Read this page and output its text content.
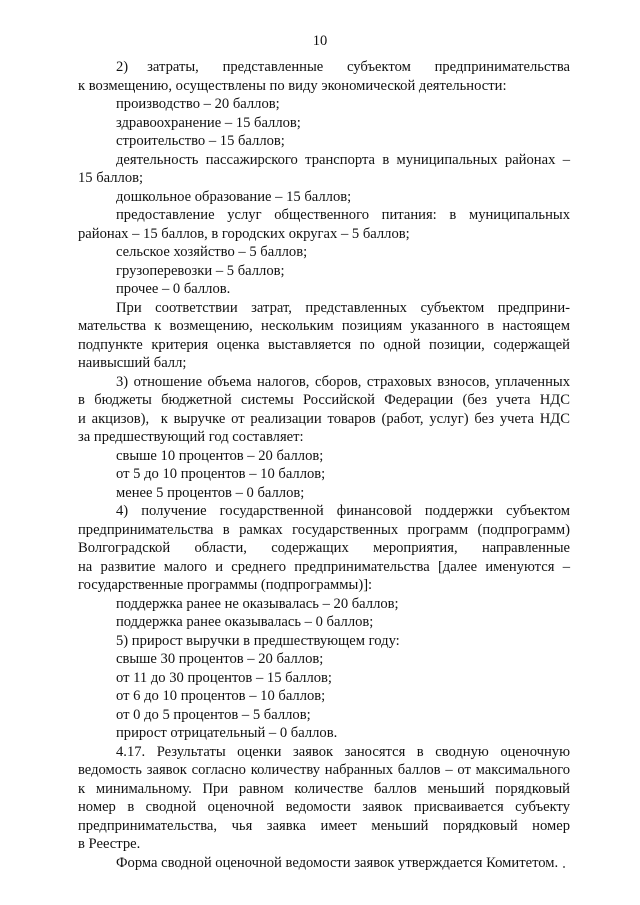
10
2)    затраты,     представленные     субъектом     предпринимательства
к возмещению, осуществлены по виду экономической деятельности:
производство – 20 баллов;
здравоохранение – 15 баллов;
строительство – 15 баллов;
деятельность пассажирского транспорта в муниципальных районах –
15 баллов;
дошкольное образование – 15 баллов;
предоставление услуг общественного питания: в муниципальных
районах – 15 баллов, в городских округах – 5 баллов;
сельское хозяйство – 5 баллов;
грузоперевозки – 5 баллов;
прочее – 0 баллов.
При соответствии затрат, представленных субъектом предприни-
мательства к возмещению, нескольким позициям указанного в настоящем
подпункте критерия оценка выставляется по одной позиции, содержащей
наивысший балл;
3) отношение объема налогов, сборов, страховых взносов, уплаченных
в бюджеты бюджетной системы Российской Федерации (без учета НДС
и акцизов),  к выручке от реализации товаров (работ, услуг) без учета НДС
за предшествующий год составляет:
свыше 10 процентов – 20 баллов;
от 5 до 10 процентов – 10 баллов;
менее 5 процентов – 0 баллов;
4) получение государственной финансовой поддержки субъектом
предпринимательства в рамках государственных программ (подпрограмм)
Волгоградской     области,     содержащих     мероприятия,     направленные
на развитие малого и среднего предпринимательства [далее именуются –
государственные программы (подпрограммы)]:
поддержка ранее не оказывалась – 20 баллов;
поддержка ранее оказывалась – 0 баллов;
5) прирост выручки в предшествующем году:
свыше 30 процентов – 20 баллов;
от 11 до 30 процентов – 15 баллов;
от 6 до 10 процентов – 10 баллов;
от 0 до 5 процентов – 5 баллов;
прирост отрицательный – 0 баллов.
4.17. Результаты оценки заявок заносятся в сводную оценочную
ведомость заявок согласно количеству набранных баллов – от максимального
к минимальному. При равном количестве баллов меньший порядковый
номер в сводной оценочной ведомости заявок присваивается субъекту
предпринимательства, чья заявка имеет меньший порядковый номер
в Реестре.
Форма сводной оценочной ведомости заявок утверждается Комитетом.
